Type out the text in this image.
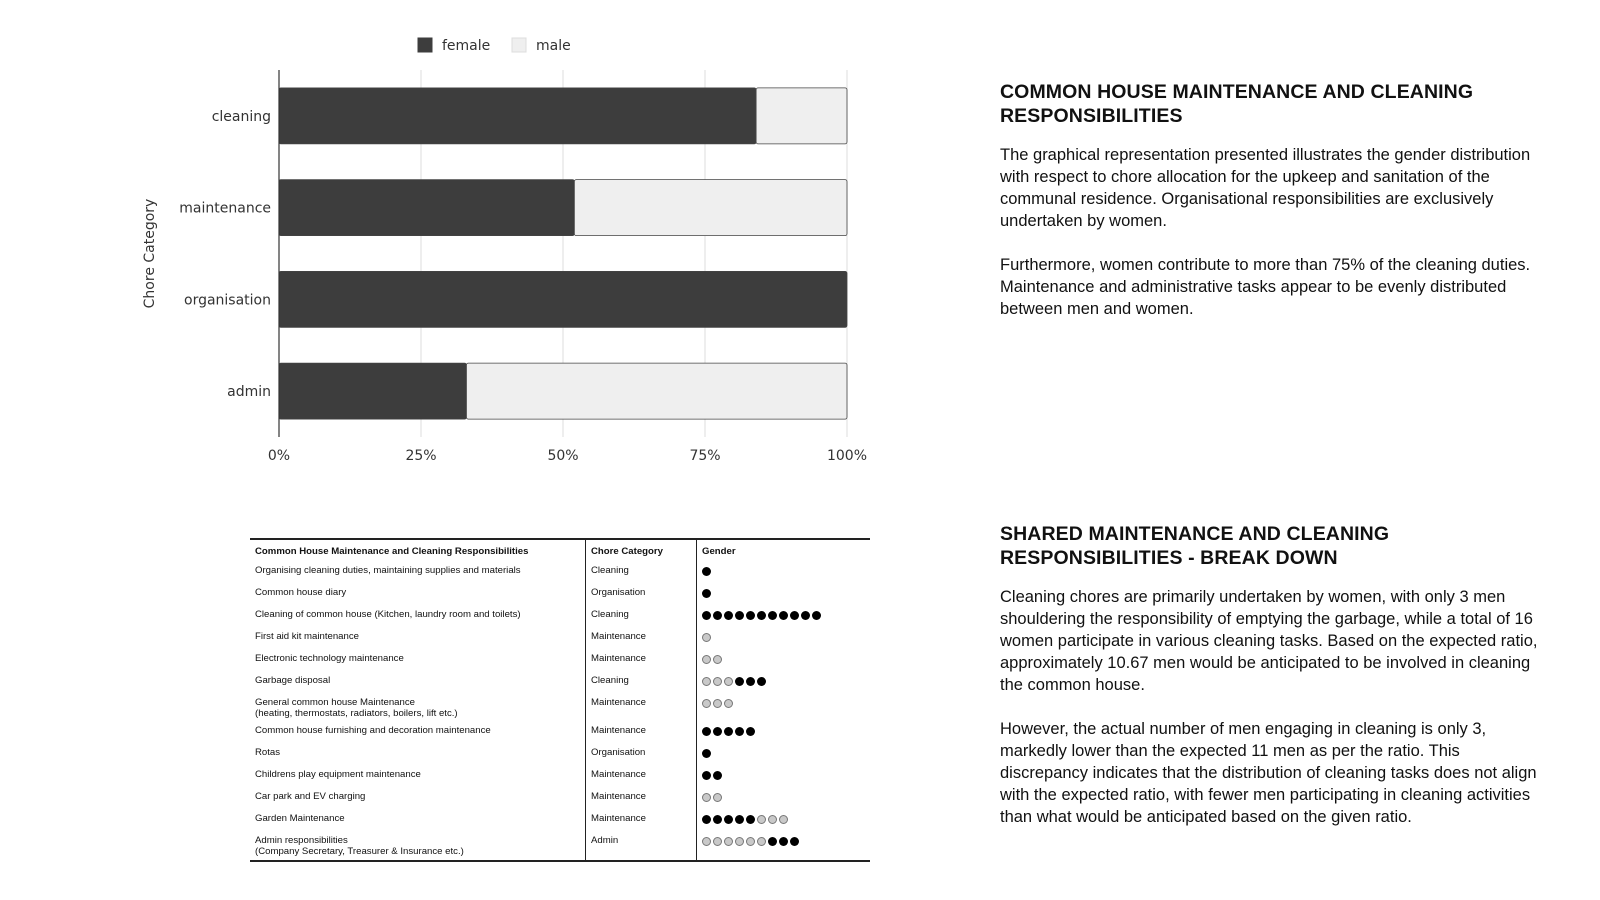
0%	25%	50%	75%	100%
cleaning
maintenance
organisation
admin
Chore Category
female	male
COMMON HOUSE MAINTENANCE AND CLEANING
RESPONSIBILITIES

The graphical representation presented illustrates the gender distribution with respect to chore allocation for the upkeep and sanitation of the communal residence. Organisational responsibilities are exclusively undertaken by women.

Furthermore, women contribute to more than 75% of the cleaning duties. Maintenance and administrative tasks appear to be evenly distributed between men and women.

Common House Maintenance and Cleaning Responsibilities	Chore Category	Gender
Organising cleaning duties, maintaining supplies and materials	Cleaning	

Common house diary	Organisation	

Cleaning of common house (Kitchen, laundry room and toilets)	Cleaning	

First aid kit maintenance	Maintenance	

Electronic technology maintenance	Maintenance	

Garbage disposal	Cleaning	

General common house Maintenance
(heating, thermostats, radiators, boilers, lift etc.)	Maintenance	

Common house furnishing and decoration maintenance	Maintenance	

Rotas	Organisation	

Childrens play equipment maintenance	Maintenance	

Car park and EV charging	Maintenance	

Garden Maintenance	Maintenance	

Admin responsibilities
(Company Secretary, Treasurer & Insurance etc.)	Admin	
SHARED MAINTENANCE AND CLEANING
RESPONSIBILITIES - BREAK DOWN

Cleaning chores are primarily undertaken by women, with only 3 men shouldering the responsibility of emptying the garbage, while a total of 16 women participate in various cleaning tasks. Based on the expected ratio, approximately 10.67 men would be anticipated to be involved in cleaning the common house.

However, the actual number of men engaging in cleaning is only 3, markedly lower than the expected 11 men as per the ratio. This discrepancy indicates that the distribution of cleaning tasks does not align with the expected ratio, with fewer men participating in cleaning activities than what would be anticipated based on the given ratio.
